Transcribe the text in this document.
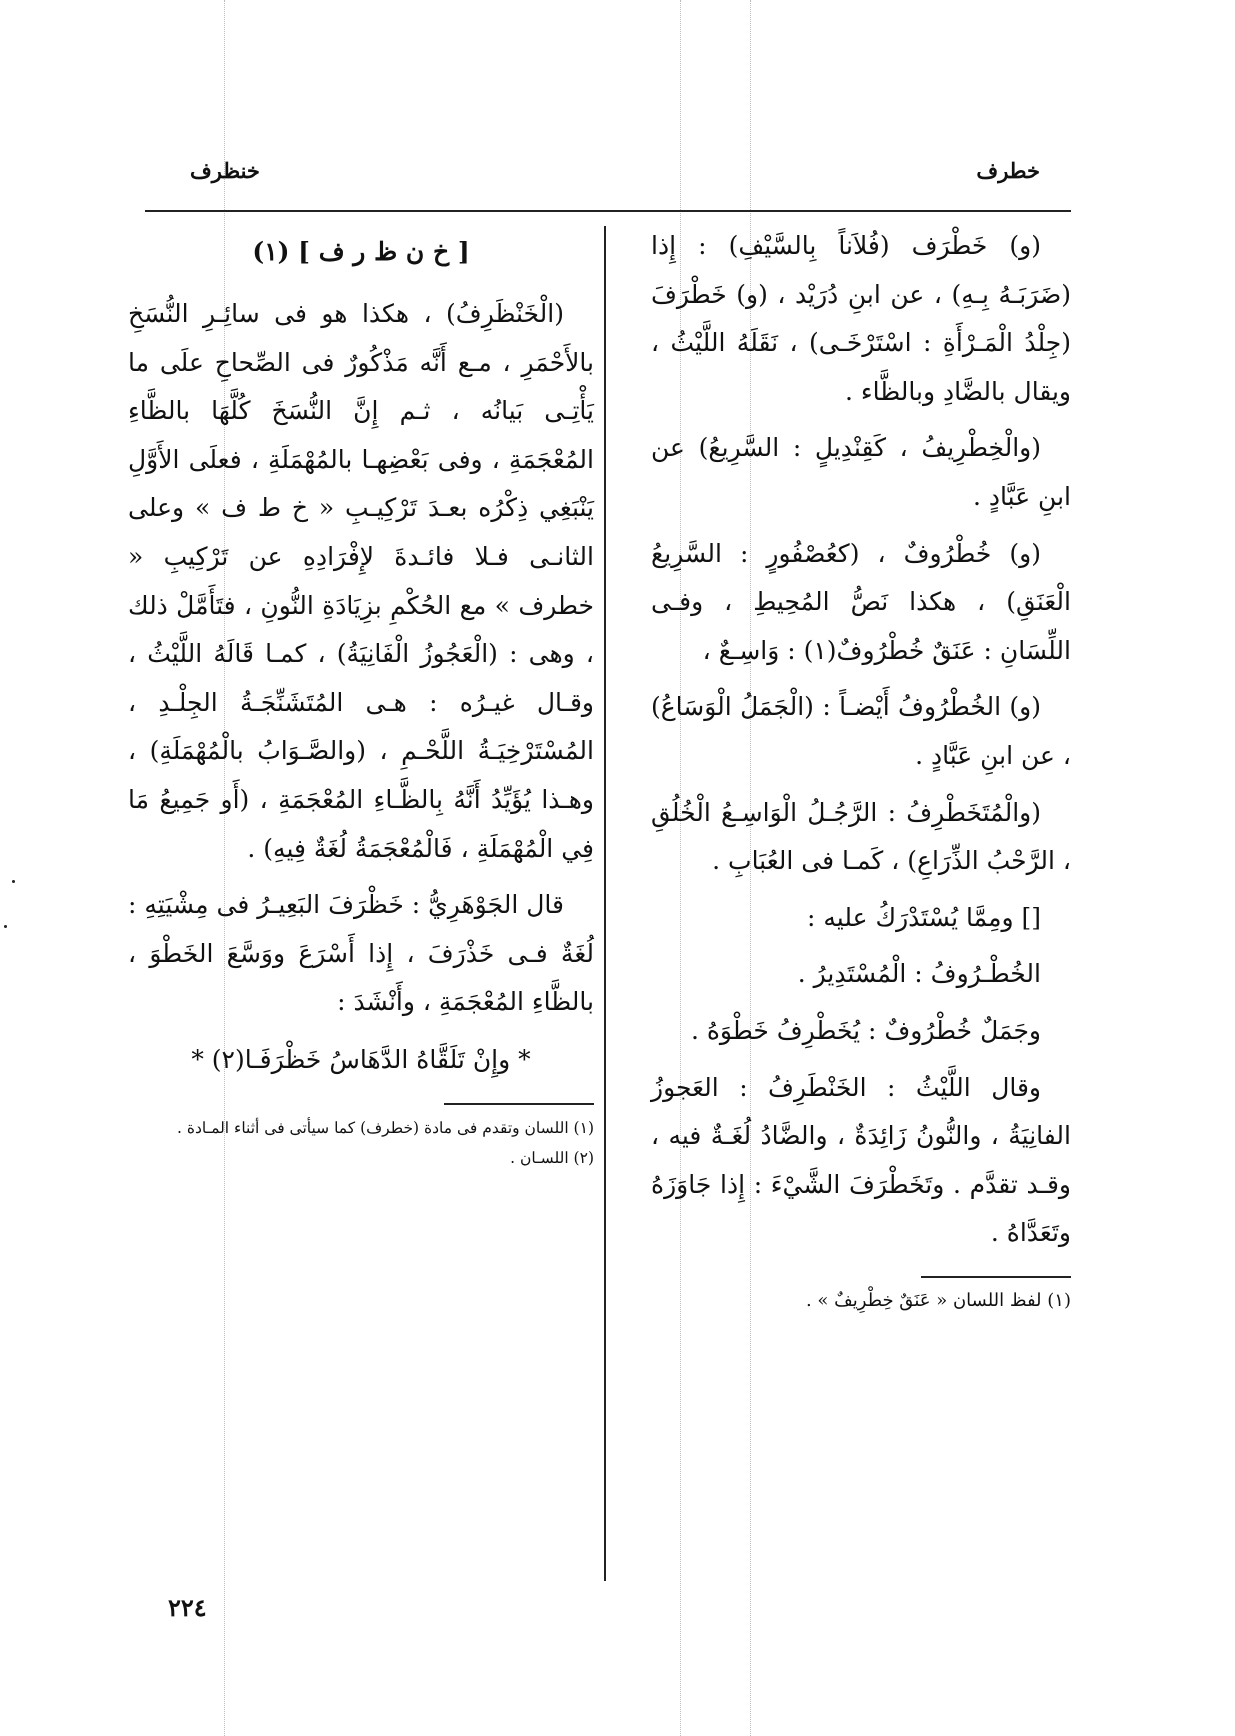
خطرف
خنظرف

(و) خَطْرَف (فُلاَناً بِالسَّيْفِ) : إِذا (ضَرَبَـهُ بِـهِ) ، عن ابنِ دُرَيْد ، (و) خَطْرَفَ (جِلْدُ الْمَـرْأَةِ : اسْتَرْخَـى) ، نَقَلَهُ اللَّيْثُ ، ويقال بالضَّادِ وبالظَّاء .

(والْخِطْرِيفُ ، كَقِنْدِيلٍ : السَّرِيعُ) عن ابنِ عَبَّادٍ .

(و) خُطْرُوفٌ ، (كعُصْفُورٍ : السَّرِيعُ الْعَنَقِ) ، هكذا نَصُّ المُحِيطِ ، وفـى اللِّسَانِ : عَنَقٌ خُطْرُوفٌ(١) : وَاسِـعٌ ،

(و) الخُطْرُوفُ أَيْضـاً : (الْجَمَلُ الْوَسَاعُ) ، عن ابنِ عَبَّادٍ .

(والْمُتَخَطْرِفُ : الرَّجُـلُ الْوَاسِـعُ الْخُلُقِ ، الرَّحْبُ الذِّرَاعِ) ، كَمـا فى العُبَابِ .

[] ومِمَّا يُسْتَدْرَكُ عليه :

الخُطْـرُوفُ : الْمُسْتَدِيرُ .

وجَمَلٌ خُطْرُوفٌ : يُخَطْرِفُ خَطْوَهُ .

وقال اللَّيْثُ : الخَنْطَرِفُ : العَجوزُ الفانِيَةُ ، والنُّونُ زَائِدَةٌ ، والضَّادُ لُغَـةٌ فيه ، وقـد تقدَّم . وتَخَطْرَفَ الشَّيْءَ : إِذا جَاوَزَهُ وتَعَدَّاهُ .

(١) لفظ اللسان « عَنَقٌ خِطْرِيفٌ » .

[ خ ن ظ ر ف ] (١)

(الْخَنْظَرِفُ) ، هكذا هو فى سائِـرِ النُّسَخِ بالأَحْمَرِ ، مـع أَنَّه مَذْكُورٌ فى الصِّحاحِ علَى ما يَأْتِـى بَيانُه ، ثـم إِنَّ النُّسَخَ كُلَّهَا بالظَّاءِ المُعْجَمَةِ ، وفى بَعْضِهـا بالمُهْمَلَةِ ، فعلَى الأَوَّلِ يَنْبَغِي ذِكْرُه بعـدَ تَرْكِيـبِ « خ ط ف » وعلى الثانـى فـلا فائـدةَ لإِفْرَادِهِ عن تَرْكِيبِ « خطرف » مع الحُكْمِ بزِيَادَةِ النُّونِ ، فتَأَمَّلْ ذلك ، وهى : (الْعَجُوزُ الْفَانِيَةُ) ، كمـا قَالَهُ اللَّيْثُ ، وقـال غيـرُه : هـى المُتَشَنِّجَـةُ الجِلْـدِ ، المُسْتَرْخِيَـةُ اللَّحْـمِ ، (والصَّـوَابُ بالْمُهْمَلَةِ) ، وهـذا يُؤَيِّدُ أَنَّهُ بِالظَّـاءِ المُعْجَمَةِ ، (أَو جَمِيعُ مَا فِي الْمُهْمَلَةِ ، فَالْمُعْجَمَةُ لُغَةٌ فِيهِ) .

قال الجَوْهَرِيُّ : خَظْرَفَ البَعِيـرُ فى مِشْيَتِهِ : لُغَةٌ فـى خَذْرَفَ ، إِذا أَسْرَعَ ووَسَّعَ الخَطْوَ ، بالظَّاءِ المُعْجَمَةِ ، وأَنْشَدَ :

* وإِنْ تَلَقَّاهُ الدَّهَاسُ خَظْرَفَـا(٢) *

(١) اللسان وتقدم فى مادة (خطرف) كما سيأتى فى أثناء المـادة .

(٢) اللسـان .

٢٢٤
